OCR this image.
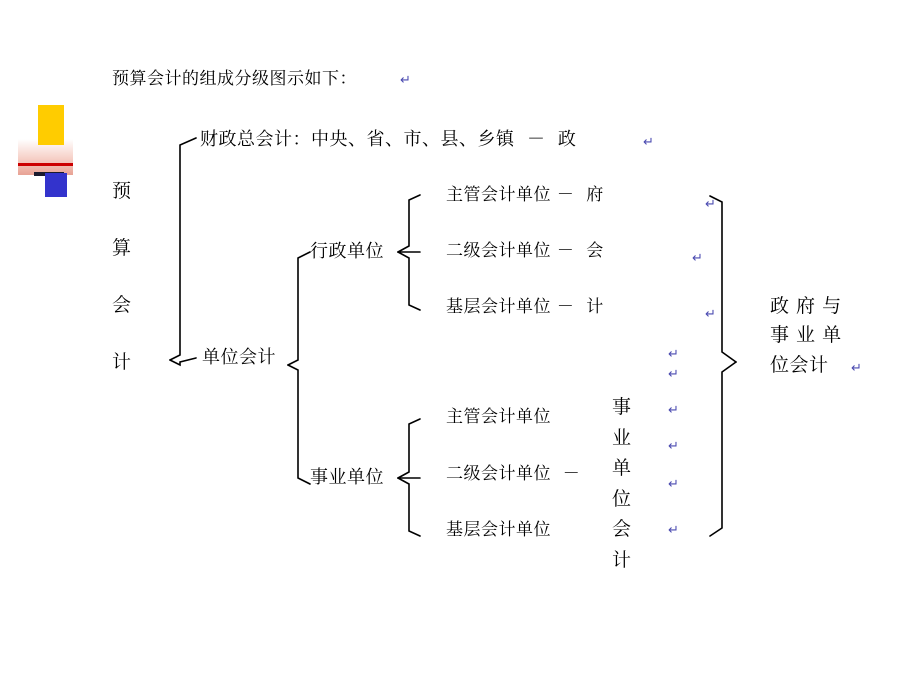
预算会计的组成分级图示如下：	↵
预
算
会
计
财政总会计：中央、省、市、县、乡镇  －  政	↵
单位会计
行政单位
事业单位
主管会计单位 －  府	↵
二级会计单位 －  会	↵
基层会计单位 －  计	↵
↵
↵
↵
主管会计单位
↵
二级会计单位  －
↵
基层会计单位	↵
事
业
单
位
会
计
政 府 与
事 业 单
位会计	↵
